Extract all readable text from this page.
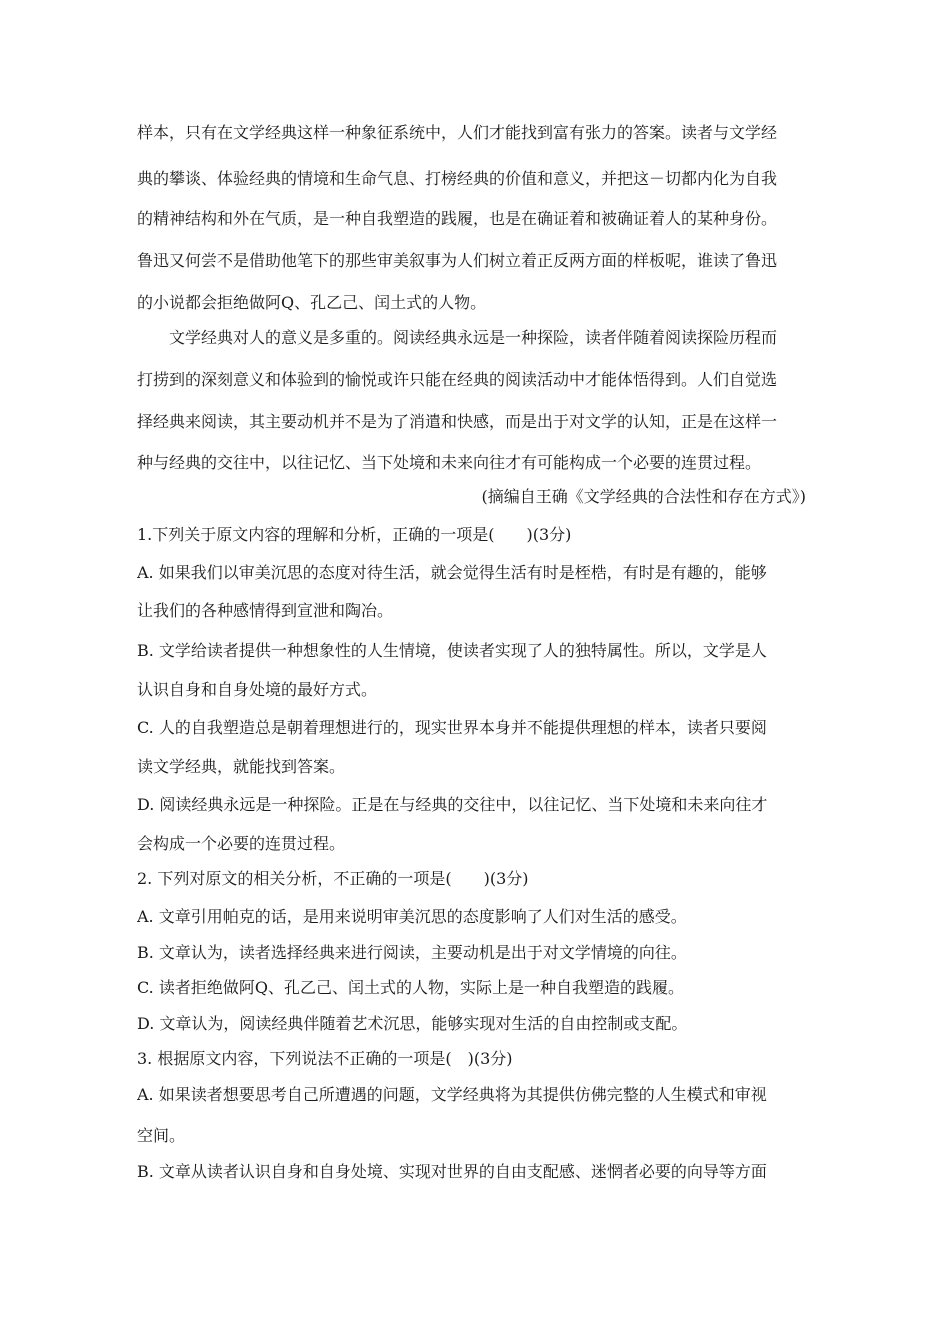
样本，只有在文学经典这样一种象征系统中，人们才能找到富有张力的答案。读者与文学经
典的攀谈、体验经典的情境和生命气息、打榜经典的价值和意义，并把这－切都内化为自我
的精神结构和外在气质，是一种自我塑造的践履，也是在确证着和被确证着人的某种身份。
鲁迅又何尝不是借助他笔下的那些审美叙事为人们树立着正反两方面的样板呢，谁读了鲁迅
的小说都会拒绝做阿Q、孔乙己、闰土式的人物。
文学经典对人的意义是多重的。阅读经典永远是一种探险，读者伴随着阅读探险历程而
打捞到的深刻意义和体验到的愉悦或许只能在经典的阅读活动中才能体悟得到。人们自觉选
择经典来阅读，其主要动机并不是为了消遣和快感，而是出于对文学的认知，正是在这样一
种与经典的交往中，以往记忆、当下处境和未来向往才有可能构成一个必要的连贯过程。
(摘编自王确《文学经典的合法性和存在方式》)
1.下列关于原文内容的理解和分析，正确的一项是(　　)(3分)
A. 如果我们以审美沉思的态度对待生活，就会觉得生活有时是桎梏，有时是有趣的，能够
让我们的各种感情得到宣泄和陶冶。
B. 文学给读者提供一种想象性的人生情境，使读者实现了人的独特属性。所以，文学是人
认识自身和自身处境的最好方式。
C. 人的自我塑造总是朝着理想进行的，现实世界本身并不能提供理想的样本，读者只要阅
读文学经典，就能找到答案。
D. 阅读经典永远是一种探险。正是在与经典的交往中，以往记忆、当下处境和未来向往才
会构成一个必要的连贯过程。
2. 下列对原文的相关分析，不正确的一项是(　　)(3分)
A. 文章引用帕克的话，是用来说明审美沉思的态度影响了人们对生活的感受。
B. 文章认为，读者选择经典来进行阅读，主要动机是出于对文学情境的向往。
C. 读者拒绝做阿Q、孔乙己、闰土式的人物，实际上是一种自我塑造的践履。
D. 文章认为，阅读经典伴随着艺术沉思，能够实现对生活的自由控制或支配。
3. 根据原文内容，下列说法不正确的一项是(　)(3分)
A. 如果读者想要思考自己所遭遇的问题，文学经典将为其提供仿佛完整的人生模式和审视
空间。
B. 文章从读者认识自身和自身处境、实现对世界的自由支配感、迷惘者必要的向导等方面
